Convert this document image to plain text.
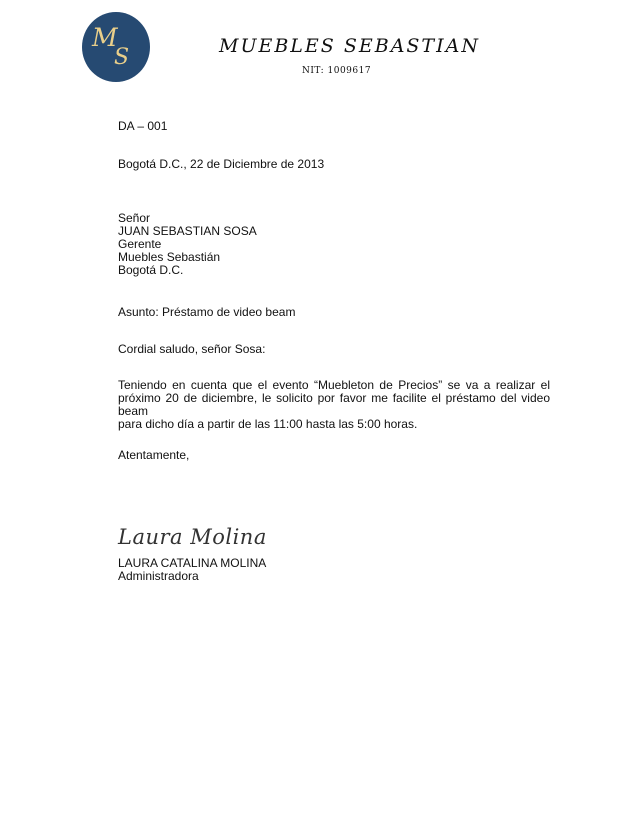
M
S	MUEBLES SEBASTIAN
NIT: 1009617
DA – 001
Bogotá D.C., 22 de Diciembre de 2013
Señor
JUAN SEBASTIAN SOSA
Gerente
Muebles Sebastián
Bogotá D.C.
Asunto: Préstamo de video beam
Cordial saludo, señor Sosa:
Teniendo en cuenta que el evento “Muebleton de Precios” se va a realizar el
próximo 20 de diciembre, le solicito por favor me facilite el préstamo del video beam
para dicho día a partir de las 11:00 hasta las 5:00 horas.
Atentamente,
Laura Molina
LAURA CATALINA MOLINA
Administradora
